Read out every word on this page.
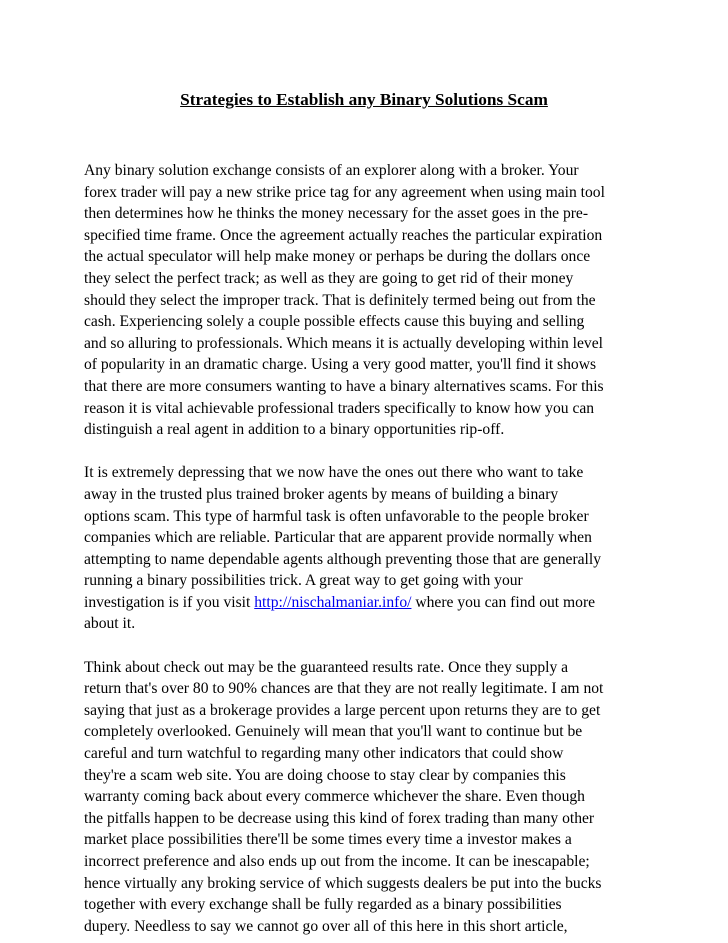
Strategies to Establish any Binary Solutions Scam
Any binary solution exchange consists of an explorer along with a broker. Your
forex trader will pay a new strike price tag for any agreement when using main tool
then determines how he thinks the money necessary for the asset goes in the pre-
specified time frame. Once the agreement actually reaches the particular expiration
the actual speculator will help make money or perhaps be during the dollars once
they select the perfect track; as well as they are going to get rid of their money
should they select the improper track. That is definitely termed being out from the
cash. Experiencing solely a couple possible effects cause this buying and selling
and so alluring to professionals. Which means it is actually developing within level
of popularity in an dramatic charge. Using a very good matter, you'll find it shows
that there are more consumers wanting to have a binary alternatives scams. For this
reason it is vital achievable professional traders specifically to know how you can
distinguish a real agent in addition to a binary opportunities rip-off.
It is extremely depressing that we now have the ones out there who want to take
away in the trusted plus trained broker agents by means of building a binary
options scam. This type of harmful task is often unfavorable to the people broker
companies which are reliable. Particular that are apparent provide normally when
attempting to name dependable agents although preventing those that are generally
running a binary possibilities trick. A great way to get going with your
investigation is if you visit http://nischalmaniar.info/ where you can find out more
about it.
Think about check out may be the guaranteed results rate. Once they supply a
return that's over 80 to 90% chances are that they are not really legitimate. I am not
saying that just as a brokerage provides a large percent upon returns they are to get
completely overlooked. Genuinely will mean that you'll want to continue but be
careful and turn watchful to regarding many other indicators that could show
they're a scam web site. You are doing choose to stay clear by companies this
warranty coming back about every commerce whichever the share. Even though
the pitfalls happen to be decrease using this kind of forex trading than many other
market place possibilities there'll be some times every time a investor makes a
incorrect preference and also ends up out from the income. It can be inescapable;
hence virtually any broking service of which suggests dealers be put into the bucks
together with every exchange shall be fully regarded as a binary possibilities
dupery. Needless to say we cannot go over all of this here in this short article,
